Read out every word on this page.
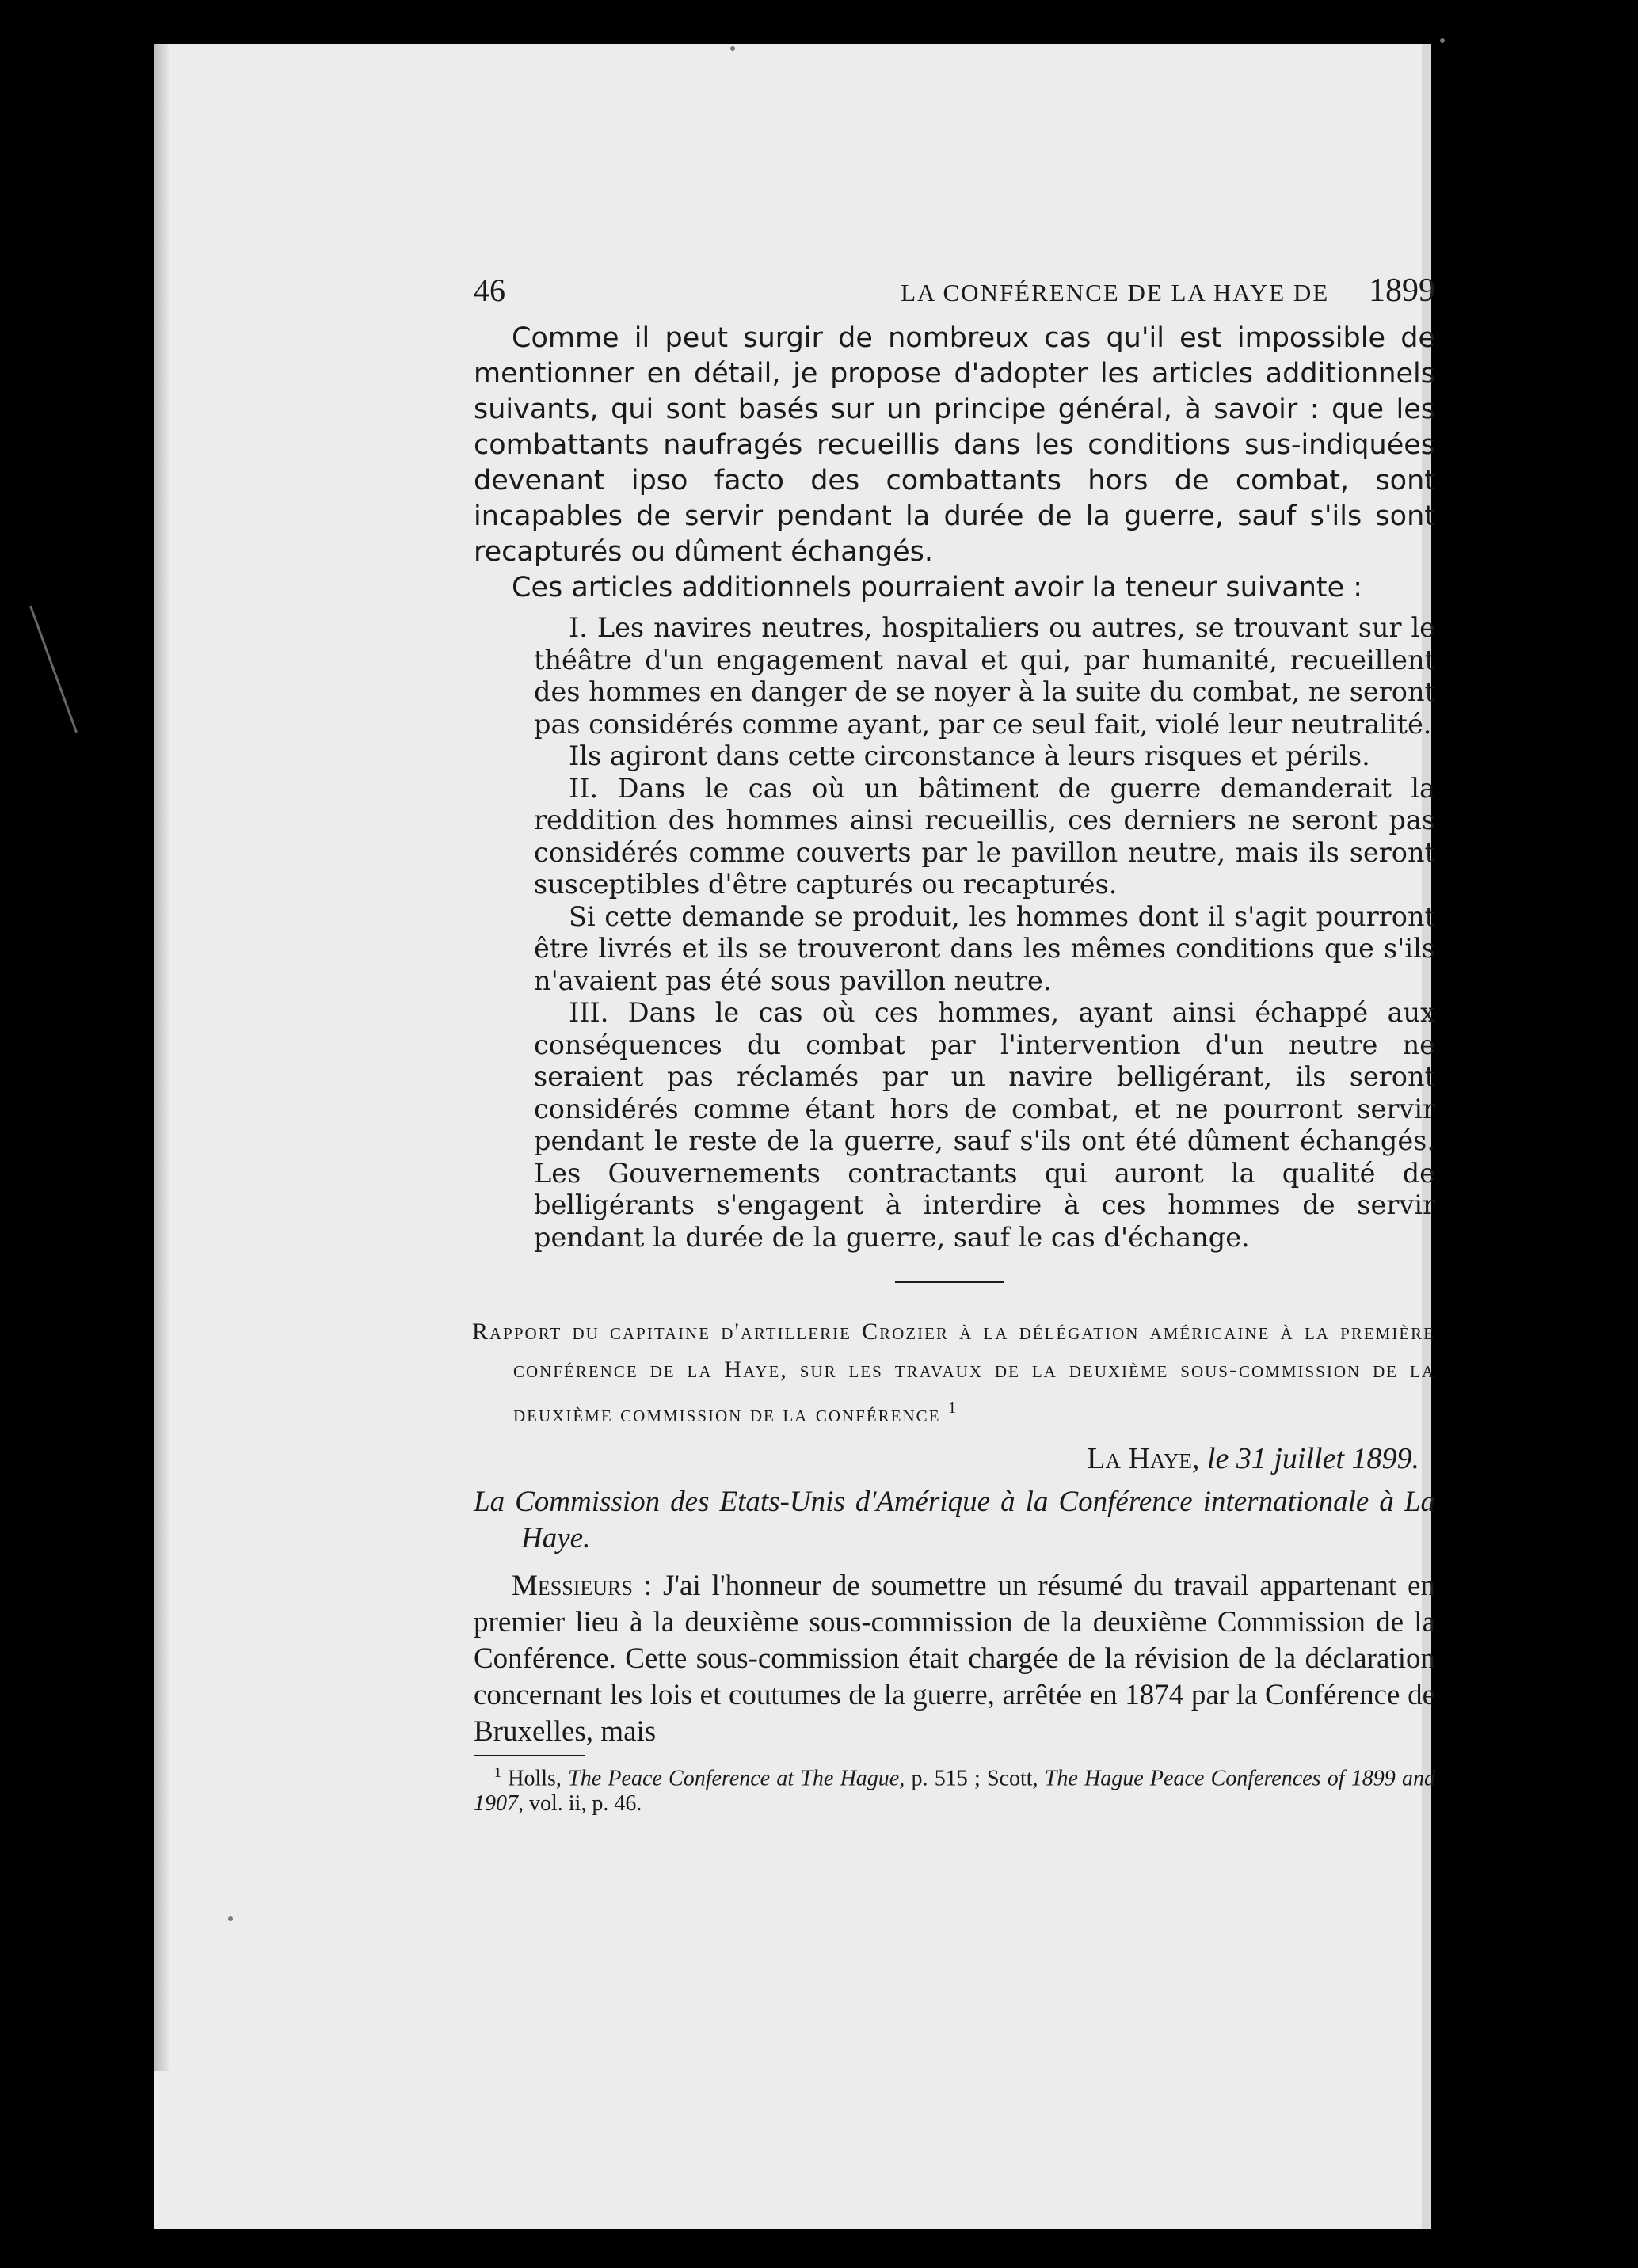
46	LA CONFÉRENCE DE LA HAYE DE 1899

Comme il peut surgir de nombreux cas qu'il est impossible de mentionner en détail, je propose d'adopter les articles additionnels suivants, qui sont basés sur un principe général, à savoir : que les combattants naufragés recueillis dans les conditions sus-indiquées devenant ipso facto des combattants hors de combat, sont incapables de servir pendant la durée de la guerre, sauf s'ils sont recapturés ou dûment échangés.

Ces articles additionnels pourraient avoir la teneur suivante :

I. Les navires neutres, hospitaliers ou autres, se trouvant sur le théâtre d'un engagement naval et qui, par humanité, recueillent des hommes en danger de se noyer à la suite du combat, ne seront pas considérés comme ayant, par ce seul fait, violé leur neutralité.

Ils agiront dans cette circonstance à leurs risques et périls.

II. Dans le cas où un bâtiment de guerre demanderait la reddition des hommes ainsi recueillis, ces derniers ne seront pas considérés comme couverts par le pavillon neutre, mais ils seront susceptibles d'être capturés ou recapturés.

Si cette demande se produit, les hommes dont il s'agit pourront être livrés et ils se trouveront dans les mêmes conditions que s'ils n'avaient pas été sous pavillon neutre.

III. Dans le cas où ces hommes, ayant ainsi échappé aux conséquences du combat par l'intervention d'un neutre ne seraient pas réclamés par un navire belligérant, ils seront considérés comme étant hors de combat, et ne pourront servir pendant le reste de la guerre, sauf s'ils ont été dûment échangés. Les Gouvernements contractants qui auront la qualité de belligérants s'engagent à interdire à ces hommes de servir pendant la durée de la guerre, sauf le cas d'échange.

Rapport du capitaine d'artillerie Crozier à la délégation américaine à la première conférence de la Haye, sur les travaux de la deuxième sous-commission de la deuxième commission de la conférence $^1$
La Haye, le 31 juillet 1899.
La Commission des Etats-Unis d'Amérique à la Conférence internationale à La Haye.

Messieurs : J'ai l'honneur de soumettre un résumé du travail appartenant en premier lieu à la deuxième sous-commission de la deuxième Commission de la Conférence. Cette sous-commission était chargée de la révision de la déclaration concernant les lois et coutumes de la guerre, arrêtée en 1874 par la Conférence de Bruxelles, mais

$^1$ Holls, The Peace Conference at The Hague, p. 515 ; Scott, The Hague Peace Conferences of 1899 and 1907, vol. ii, p. 46.
